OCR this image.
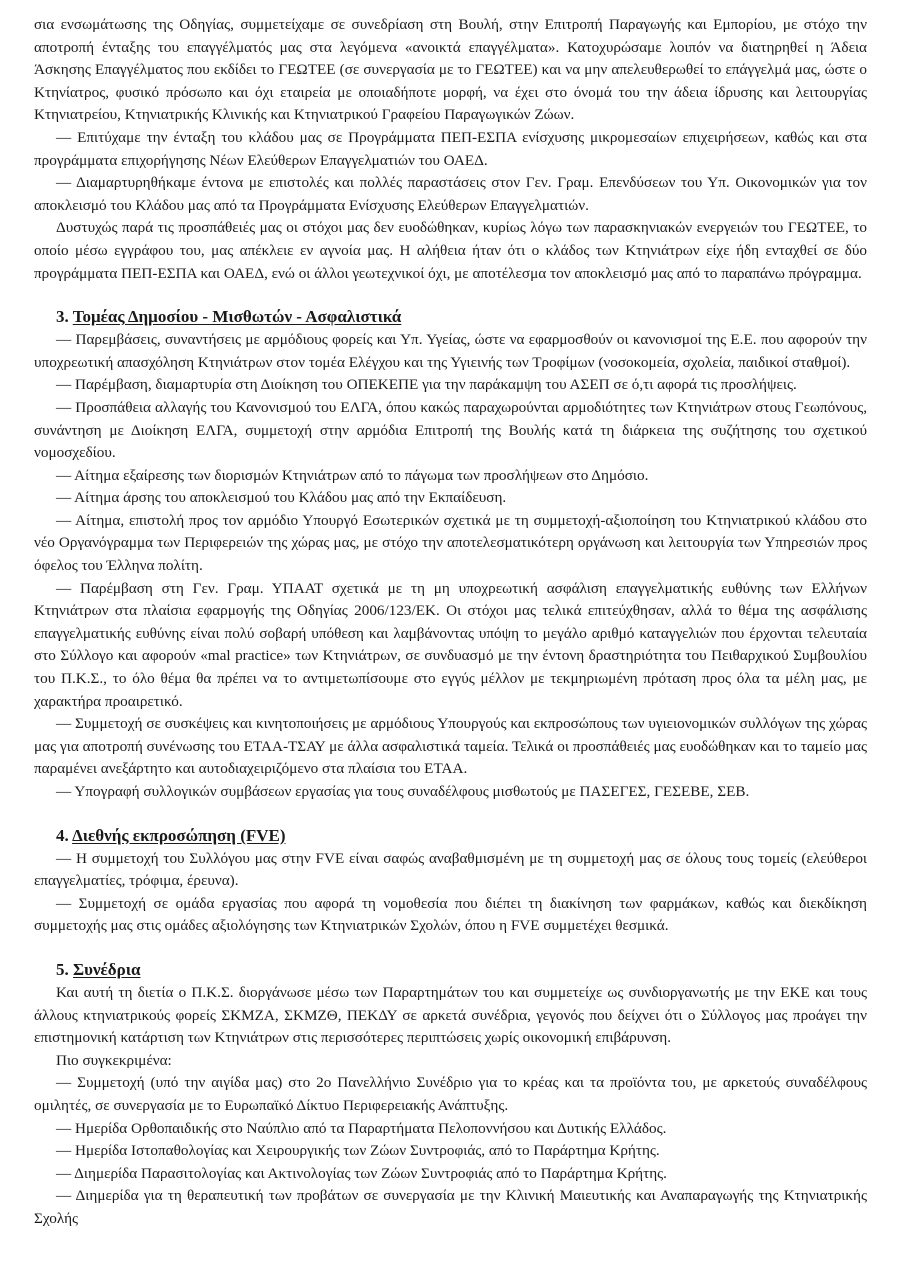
σια ενσωμάτωσης της Οδηγίας, συμμετείχαμε σε συνεδρίαση στη Βουλή, στην Επιτροπή Παραγωγής και Εμπορίου, με στόχο την αποτροπή ένταξης του επαγγέλματός μας στα λεγόμενα «ανοικτά επαγγέλματα». Κατοχυρώσαμε λοιπόν να διατηρηθεί η Άδεια Άσκησης Επαγγέλματος που εκδίδει το ΓΕΩΤΕΕ (σε συνεργασία με το ΓΕΩΤΕΕ) και να μην απελευθερωθεί το επάγγελμά μας, ώστε ο Κτηνίατρος, φυσικό πρόσωπο και όχι εταιρεία με οποιαδήποτε μορφή, να έχει στο όνομά του την άδεια ίδρυσης και λειτουργίας Κτηνιατρείου, Κτηνιατρικής Κλινικής και Κτηνιατρικού Γραφείου Παραγωγικών Ζώων.

— Επιτύχαμε την ένταξη του κλάδου μας σε Προγράμματα ΠΕΠ-ΕΣΠΑ ενίσχυσης μικρομεσαίων επιχειρήσεων, καθώς και στα προγράμματα επιχορήγησης Νέων Ελεύθερων Επαγγελματιών του ΟΑΕΔ.

— Διαμαρτυρηθήκαμε έντονα με επιστολές και πολλές παραστάσεις στον Γεν. Γραμ. Επενδύσεων του Υπ. Οικονομικών για τον αποκλεισμό του Κλάδου μας από τα Προγράμματα Ενίσχυσης Ελεύθερων Επαγγελματιών.

Δυστυχώς παρά τις προσπάθειές μας οι στόχοι μας δεν ευοδώθηκαν, κυρίως λόγω των παρασκηνιακών ενεργειών του ΓΕΩΤΕΕ, το οποίο μέσω εγγράφου του, μας απέκλειε εν αγνοία μας. Η αλήθεια ήταν ότι ο κλάδος των Κτηνιάτρων είχε ήδη ενταχθεί σε δύο προγράμματα ΠΕΠ-ΕΣΠΑ και ΟΑΕΔ, ενώ οι άλλοι γεωτεχνικοί όχι, με αποτέλεσμα τον αποκλεισμό μας από το παραπάνω πρόγραμμα.

3. Τομέας Δημοσίου - Μισθωτών - Ασφαλιστικά

— Παρεμβάσεις, συναντήσεις με αρμόδιους φορείς και Υπ. Υγείας, ώστε να εφαρμοσθούν οι κανονισμοί της Ε.Ε. που αφορούν την υποχρεωτική απασχόληση Κτηνιάτρων στον τομέα Ελέγχου και της Υγιεινής των Τροφίμων (νοσοκομεία, σχολεία, παιδικοί σταθμοί).

— Παρέμβαση, διαμαρτυρία στη Διοίκηση του ΟΠΕΚΕΠΕ για την παράκαμψη του ΑΣΕΠ σε ό,τι αφορά τις προσλήψεις.

— Προσπάθεια αλλαγής του Κανονισμού του ΕΛΓΑ, όπου κακώς παραχωρούνται αρμοδιότητες των Κτηνιάτρων στους Γεωπόνους, συνάντηση με Διοίκηση ΕΛΓΑ, συμμετοχή στην αρμόδια Επιτροπή της Βουλής κατά τη διάρκεια της συζήτησης του σχετικού νομοσχεδίου.

— Αίτημα εξαίρεσης των διορισμών Κτηνιάτρων από το πάγωμα των προσλήψεων στο Δημόσιο.

— Αίτημα άρσης του αποκλεισμού του Κλάδου μας από την Εκπαίδευση.

— Αίτημα, επιστολή προς τον αρμόδιο Υπουργό Εσωτερικών σχετικά με τη συμμετοχή-αξιοποίηση του Κτηνιατρικού κλάδου στο νέο Οργανόγραμμα των Περιφερειών της χώρας μας, με στόχο την αποτελεσματικότερη οργάνωση και λειτουργία των Υπηρεσιών προς όφελος του Έλληνα πολίτη.

— Παρέμβαση στη Γεν. Γραμ. ΥΠΑΑΤ σχετικά με τη μη υποχρεωτική ασφάλιση επαγγελματικής ευθύνης των Ελλήνων Κτηνιάτρων στα πλαίσια εφαρμογής της Οδηγίας 2006/123/ΕΚ. Οι στόχοι μας τελικά επιτεύχθησαν, αλλά το θέμα της ασφάλισης επαγγελματικής ευθύνης είναι πολύ σοβαρή υπόθεση και λαμβάνοντας υπόψη το μεγάλο αριθμό καταγγελιών που έρχονται τελευταία στο Σύλλογο και αφορούν «mal practice» των Κτηνιάτρων, σε συνδυασμό με την έντονη δραστηριότητα του Πειθαρχικού Συμβουλίου του Π.Κ.Σ., το όλο θέμα θα πρέπει να το αντιμετωπίσουμε στο εγγύς μέλλον με τεκμηριωμένη πρόταση προς όλα τα μέλη μας, με χαρακτήρα προαιρετικό.

— Συμμετοχή σε συσκέψεις και κινητοποιήσεις με αρμόδιους Υπουργούς και εκπροσώπους των υγιειονομικών συλλόγων της χώρας μας για αποτροπή συνένωσης του ΕΤΑΑ-ΤΣΑΥ με άλλα ασφαλιστικά ταμεία. Τελικά οι προσπάθειές μας ευοδώθηκαν και το ταμείο μας παραμένει ανεξάρτητο και αυτοδιαχειριζόμενο στα πλαίσια του ΕΤΑΑ.

— Υπογραφή συλλογικών συμβάσεων εργασίας για τους συναδέλφους μισθωτούς με ΠΑΣΕΓΕΣ, ΓΕΣΕΒΕ, ΣΕΒ.

4. Διεθνής εκπροσώπηση (FVE)

— Η συμμετοχή του Συλλόγου μας στην FVE είναι σαφώς αναβαθμισμένη με τη συμμετοχή μας σε όλους τους τομείς (ελεύθεροι επαγγελματίες, τρόφιμα, έρευνα).

— Συμμετοχή σε ομάδα εργασίας που αφορά τη νομοθεσία που διέπει τη διακίνηση των φαρμάκων, καθώς και διεκδίκηση συμμετοχής μας στις ομάδες αξιολόγησης των Κτηνιατρικών Σχολών, όπου η FVE συμμετέχει θεσμικά.

5. Συνέδρια

Και αυτή τη διετία ο Π.Κ.Σ. διοργάνωσε μέσω των Παραρτημάτων του και συμμετείχε ως συνδιοργανωτής με την ΕΚΕ και τους άλλους κτηνιατρικούς φορείς ΣΚΜΖΑ, ΣΚΜΖΘ, ΠΕΚΔΥ σε αρκετά συνέδρια, γεγονός που δείχνει ότι ο Σύλλογος μας προάγει την επιστημονική κατάρτιση των Κτηνιάτρων στις περισσότερες περιπτώσεις χωρίς οικονομική επιβάρυνση.

Πιο συγκεκριμένα:

— Συμμετοχή (υπό την αιγίδα μας) στο 2ο Πανελλήνιο Συνέδριο για το κρέας και τα προϊόντα του, με αρκετούς συναδέλφους ομιλητές, σε συνεργασία με το Ευρωπαϊκό Δίκτυο Περιφερειακής Ανάπτυξης.

— Ημερίδα Ορθοπαιδικής στο Ναύπλιο από τα Παραρτήματα Πελοποννήσου και Δυτικής Ελλάδος.

— Ημερίδα Ιστοπαθολογίας και Χειρουργικής των Ζώων Συντροφιάς, από το Παράρτημα Κρήτης.

— Διημερίδα Παρασιτολογίας και Ακτινολογίας των Ζώων Συντροφιάς από το Παράρτημα Κρήτης.

— Διημερίδα για τη θεραπευτική των προβάτων σε συνεργασία με την Κλινική Μαιευτικής και Αναπαραγωγής της Κτηνιατρικής Σχολής
